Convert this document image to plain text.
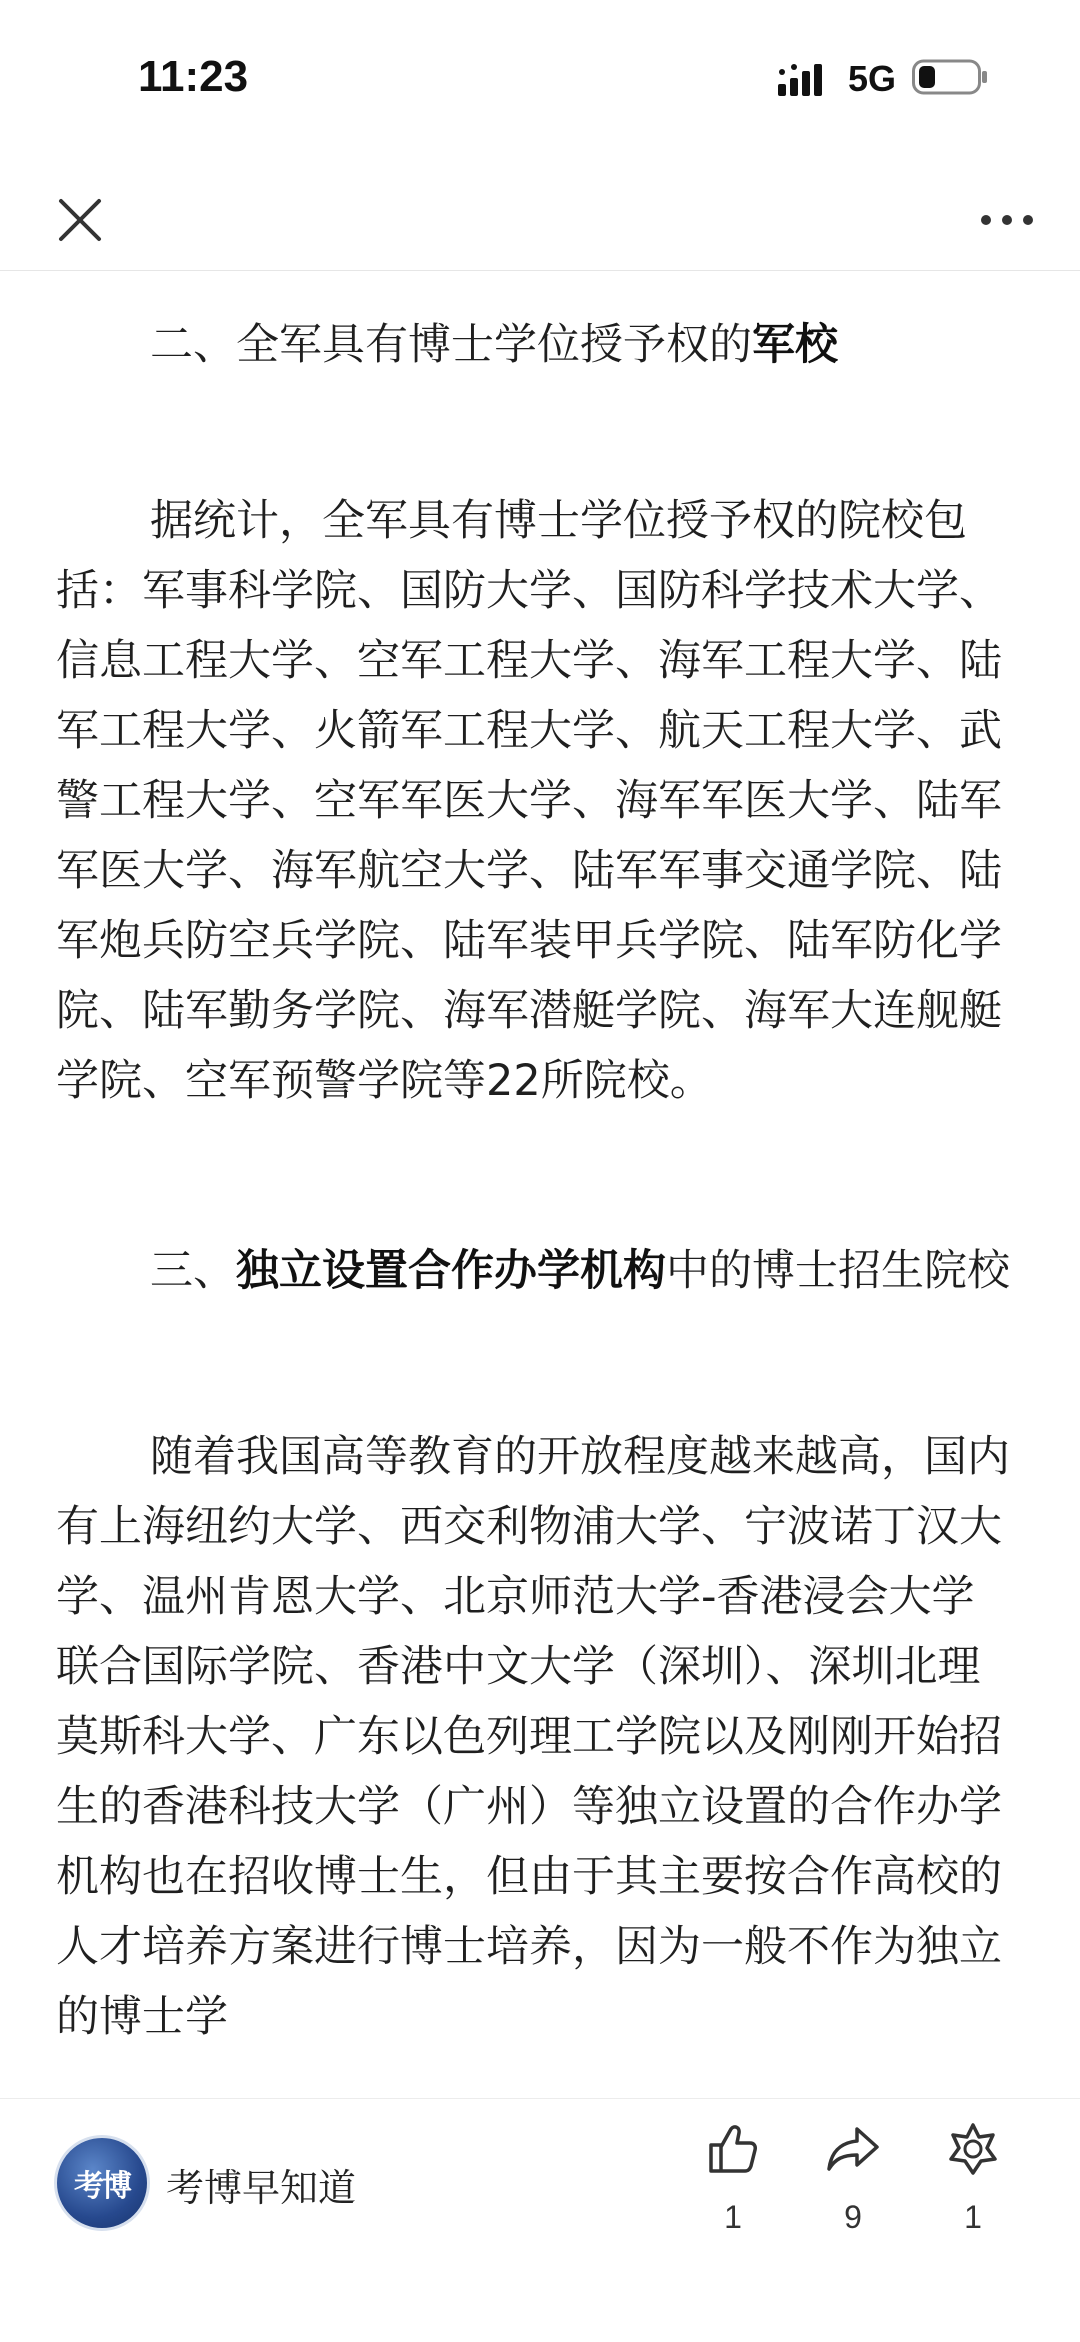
11:23	5G

二、全军具有博士学位授予权的军校

据统计，全军具有博士学位授予权的院校包括：军事科学院、国防大学、国防科学技术大学、信息工程大学、空军工程大学、海军工程大学、陆军工程大学、火箭军工程大学、航天工程大学、武警工程大学、空军军医大学、海军军医大学、陆军军医大学、海军航空大学、陆军军事交通学院、陆军炮兵防空兵学院、陆军装甲兵学院、陆军防化学院、陆军勤务学院、海军潜艇学院、海军大连舰艇学院、空军预警学院等22所院校。

三、独立设置合作办学机构中的博士招生院校

随着我国高等教育的开放程度越来越高，国内有上海纽约大学、西交利物浦大学、宁波诺丁汉大学、温州肯恩大学、北京师范大学-香港浸会大学联合国际学院、香港中文大学（深圳）、深圳北理莫斯科大学、广东以色列理工学院以及刚刚开始招生的香港科技大学（广州）等独立设置的合作办学机构也在招收博士生，但由于其主要按合作高校的人才培养方案进行博士培养，因为一般不作为独立的博士学

考博 考博早知道
1	9	1
